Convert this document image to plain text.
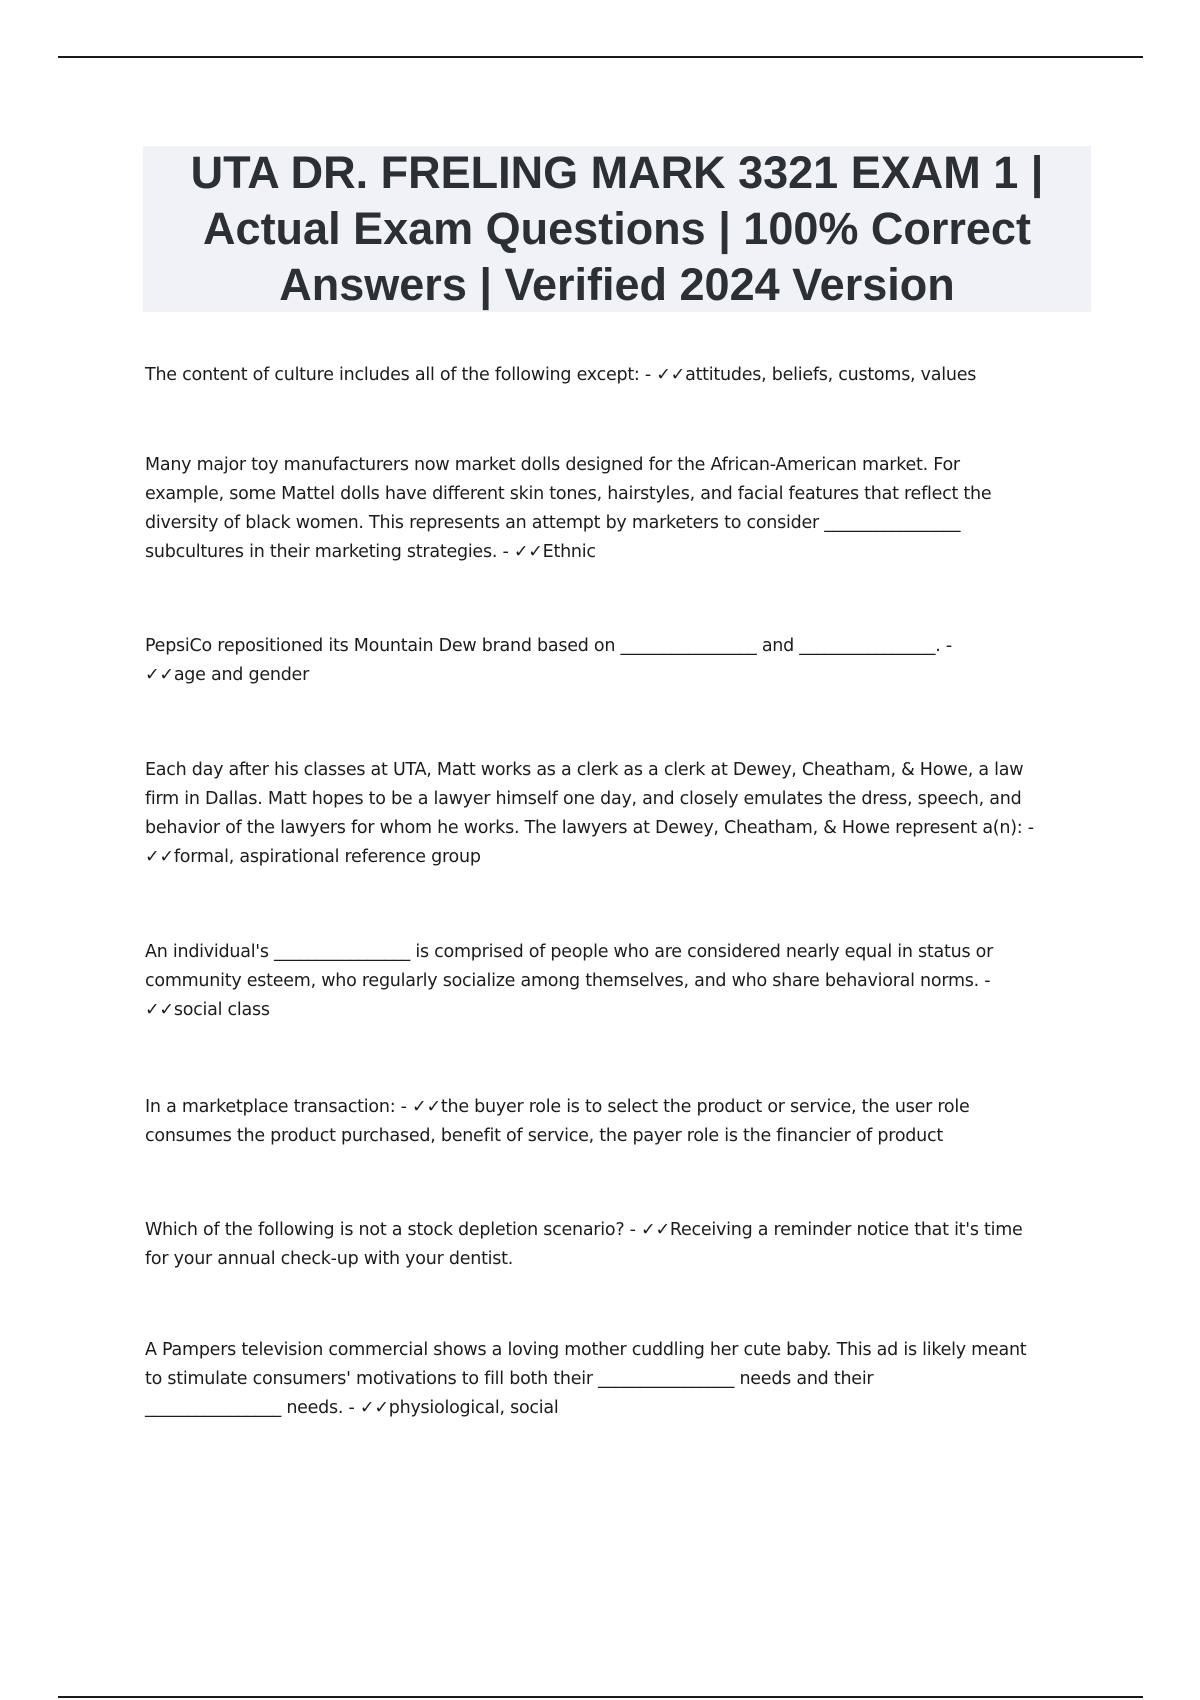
UTA DR. FRELING MARK 3321 EXAM 1 |
Actual Exam Questions | 100% Correct
Answers | Verified 2024 Version
The content of culture includes all of the following except: - ✓✓attitudes, beliefs, customs, values
Many major toy manufacturers now market dolls designed for the African-American market. For
example, some Mattel dolls have different skin tones, hairstyles, and facial features that reflect the
diversity of black women. This represents an attempt by marketers to consider ________________
subcultures in their marketing strategies. - ✓✓Ethnic
PepsiCo repositioned its Mountain Dew brand based on ________________ and ________________. -
✓✓age and gender
Each day after his classes at UTA, Matt works as a clerk as a clerk at Dewey, Cheatham, & Howe, a law
firm in Dallas. Matt hopes to be a lawyer himself one day, and closely emulates the dress, speech, and
behavior of the lawyers for whom he works. The lawyers at Dewey, Cheatham, & Howe represent a(n): -
✓✓formal, aspirational reference group
An individual's ________________ is comprised of people who are considered nearly equal in status or
community esteem, who regularly socialize among themselves, and who share behavioral norms. -
✓✓social class
In a marketplace transaction: - ✓✓the buyer role is to select the product or service, the user role
consumes the product purchased, benefit of service, the payer role is the financier of product
Which of the following is not a stock depletion scenario? - ✓✓Receiving a reminder notice that it's time
for your annual check-up with your dentist.
A Pampers television commercial shows a loving mother cuddling her cute baby. This ad is likely meant
to stimulate consumers' motivations to fill both their ________________ needs and their
________________ needs. - ✓✓physiological, social
